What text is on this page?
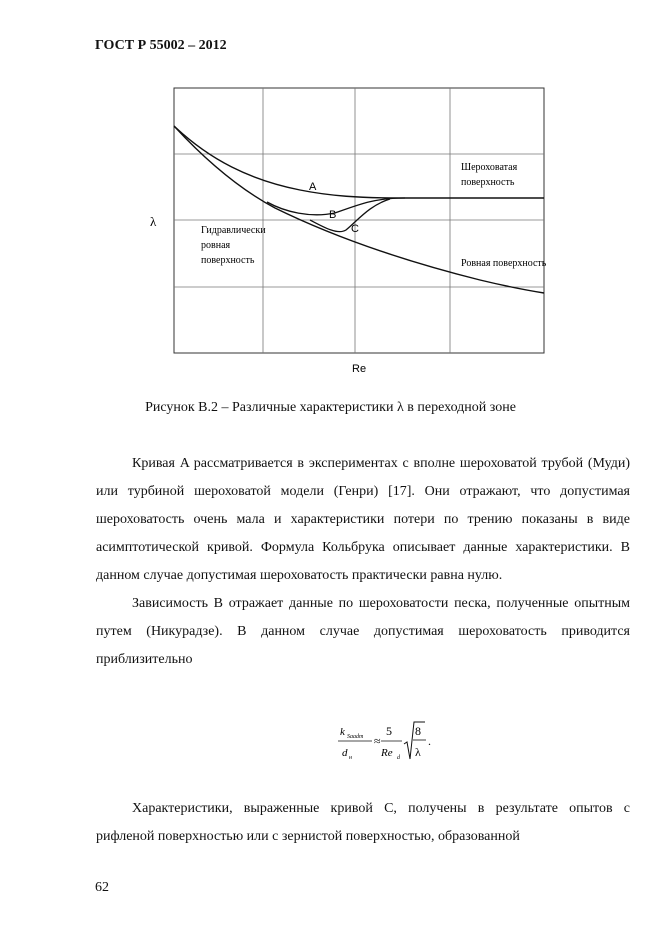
ГОСТ Р 55002 – 2012
λ
Re
A
B
C
Шероховатая
поверхность
Гидравлически
ровная
поверхность	Ровная поверхность
Рисунок В.2 – Различные характеристики λ в переходной зоне

Кривая A рассматривается в экспериментах с вполне шероховатой трубой (Муди) или турбиной шероховатой модели (Генри) [17]. Они отражают, что допустимая шероховатость очень мала и характеристики потери по трению показаны в виде асимптотической кривой. Формула Кольбрука описывает данные характеристики. В данном случае допустимая шероховатость практически равна нулю.

Зависимость B отражает данные по шероховатости песка, полученные опытным путем (Никурадзе). В данном случае допустимая шероховатость приводится приблизительно

k Saadm
d н
≈
5
Re d
8
λ
.

Характеристики, выраженные кривой C, получены в результате опытов с рифленой поверхностью или с зернистой поверхностью, образованной

62
